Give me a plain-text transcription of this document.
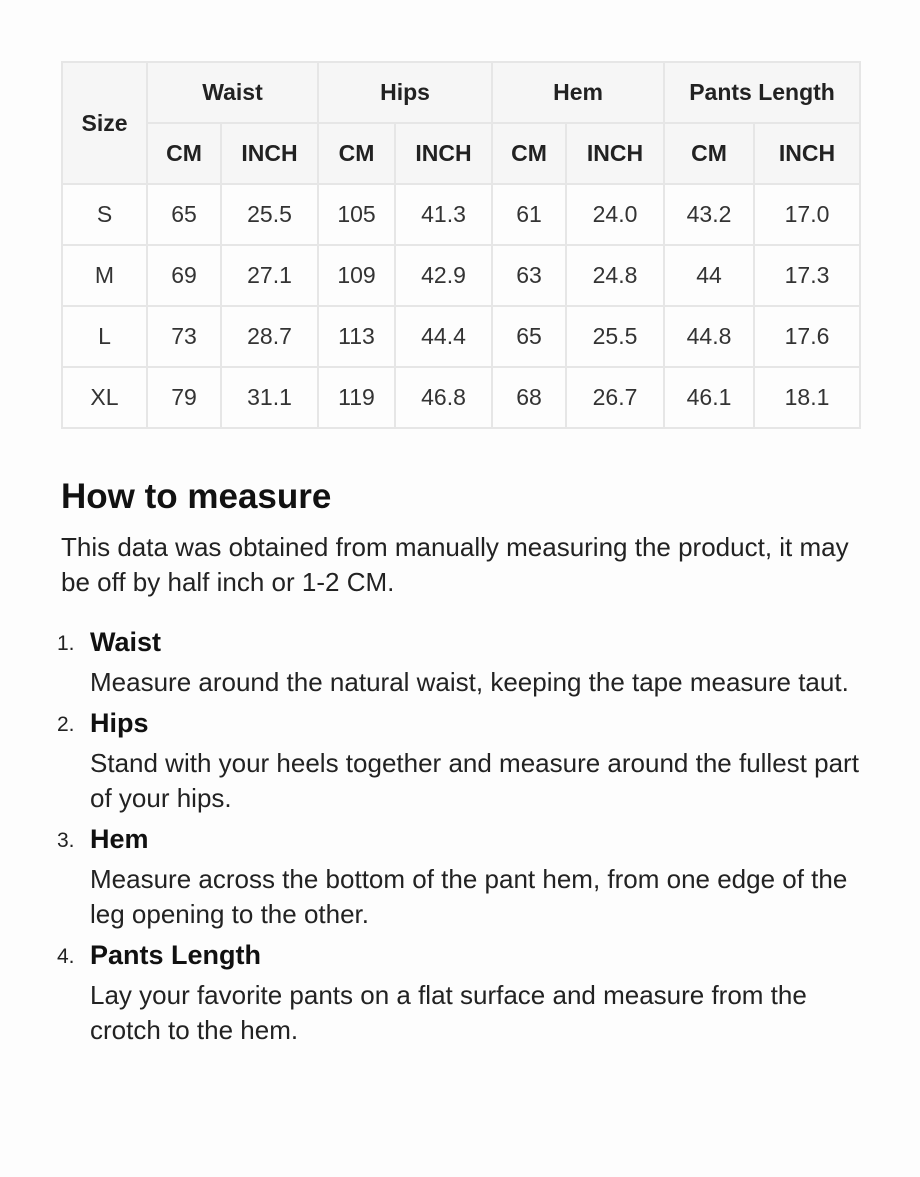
Size	Waist		Hips		Hem		Pants Length	
	CM	INCH	CM	INCH	CM	INCH	CM	INCH
S	65	25.5	105	41.3	61	24.0	43.2	17.0
M	69	27.1	109	42.9	63	24.8	44	17.3
L	73	28.7	113	44.4	65	25.5	44.8	17.6
XL	79	31.1	119	46.8	68	26.7	46.1	18.1
How to measure

This data was obtained from manually measuring the product, it may be off by half inch or 1-2 CM.

1. Waist
Measure around the natural waist, keeping the tape measure taut.
2. Hips
Stand with your heels together and measure around the fullest part of your hips.
3. Hem
Measure across the bottom of the pant hem, from one edge of the leg opening to the other.
4. Pants Length
Lay your favorite pants on a flat surface and measure from the crotch to the hem.
